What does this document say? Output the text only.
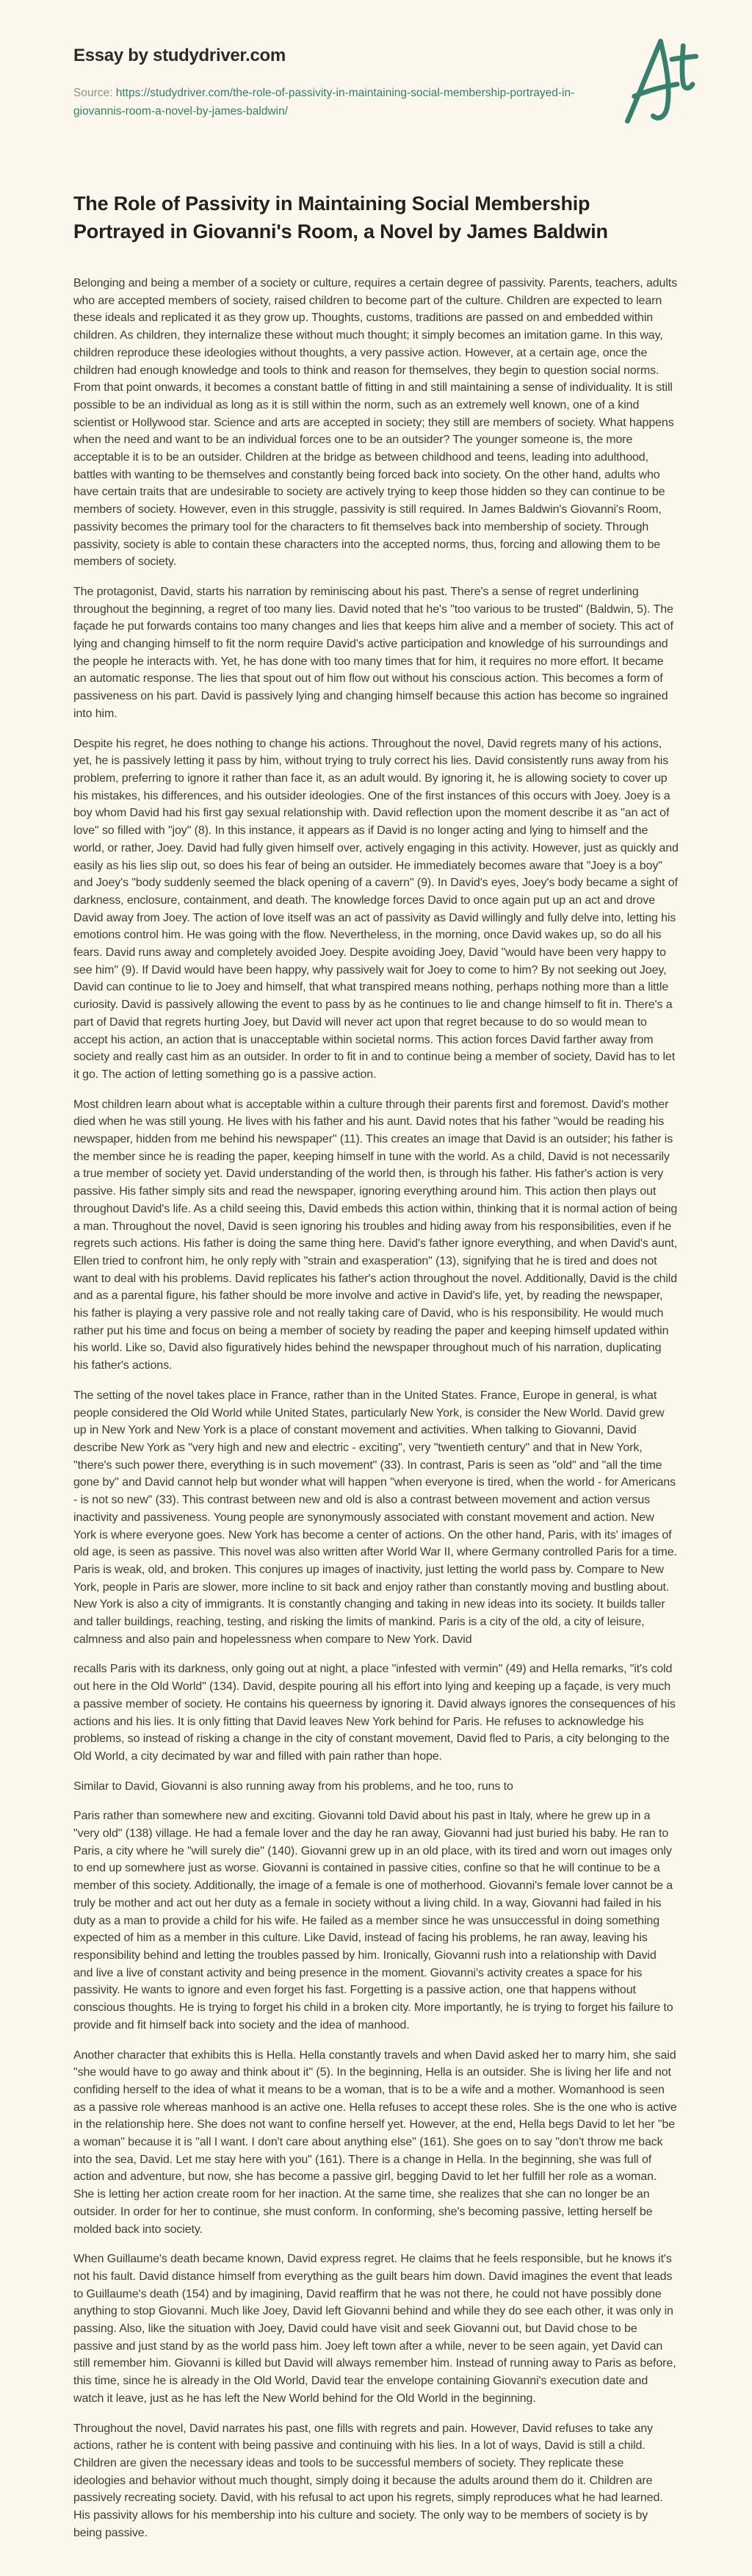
Essay by studydriver.com

Source: https://studydriver.com/the-role-of-passivity-in-maintaining-social-membership-portrayed-in-giovannis-room-a-novel-by-james-baldwin/

The Role of Passivity in Maintaining Social Membership Portrayed in Giovanni's Room, a Novel by James Baldwin

Belonging and being a member of a society or culture, requires a certain degree of passivity. Parents, teachers, adults who are accepted members of society, raised children to become part of the culture. Children are expected to learn these ideals and replicated it as they grow up. Thoughts, customs, traditions are passed on and embedded within children. As children, they internalize these without much thought; it simply becomes an imitation game. In this way, children reproduce these ideologies without thoughts, a very passive action. However, at a certain age, once the children had enough knowledge and tools to think and reason for themselves, they begin to question social norms. From that point onwards, it becomes a constant battle of fitting in and still maintaining a sense of individuality. It is still possible to be an individual as long as it is still within the norm, such as an extremely well known, one of a kind scientist or Hollywood star. Science and arts are accepted in society; they still are members of society. What happens when the need and want to be an individual forces one to be an outsider? The younger someone is, the more acceptable it is to be an outsider. Children at the bridge as between childhood and teens, leading into adulthood, battles with wanting to be themselves and constantly being forced back into society. On the other hand, adults who have certain traits that are undesirable to society are actively trying to keep those hidden so they can continue to be members of society. However, even in this struggle, passivity is still required. In James Baldwin's Giovanni's Room, passivity becomes the primary tool for the characters to fit themselves back into membership of society. Through passivity, society is able to contain these characters into the accepted norms, thus, forcing and allowing them to be members of society.

The protagonist, David, starts his narration by reminiscing about his past. There's a sense of regret underlining throughout the beginning, a regret of too many lies. David noted that he's "too various to be trusted" (Baldwin, 5). The façade he put forwards contains too many changes and lies that keeps him alive and a member of society. This act of lying and changing himself to fit the norm require David's active participation and knowledge of his surroundings and the people he interacts with. Yet, he has done with too many times that for him, it requires no more effort. It became an automatic response. The lies that spout out of him flow out without his conscious action. This becomes a form of passiveness on his part. David is passively lying and changing himself because this action has become so ingrained into him.

Despite his regret, he does nothing to change his actions. Throughout the novel, David regrets many of his actions, yet, he is passively letting it pass by him, without trying to truly correct his lies. David consistently runs away from his problem, preferring to ignore it rather than face it, as an adult would. By ignoring it, he is allowing society to cover up his mistakes, his differences, and his outsider ideologies. One of the first instances of this occurs with Joey. Joey is a boy whom David had his first gay sexual relationship with. David reflection upon the moment describe it as "an act of love" so filled with "joy" (8). In this instance, it appears as if David is no longer acting and lying to himself and the world, or rather, Joey. David had fully given himself over, actively engaging in this activity. However, just as quickly and easily as his lies slip out, so does his fear of being an outsider. He immediately becomes aware that "Joey is a boy" and Joey's "body suddenly seemed the black opening of a cavern" (9). In David's eyes, Joey's body became a sight of darkness, enclosure, containment, and death. The knowledge forces David to once again put up an act and drove David away from Joey. The action of love itself was an act of passivity as David willingly and fully delve into, letting his emotions control him. He was going with the flow. Nevertheless, in the morning, once David wakes up, so do all his fears. David runs away and completely avoided Joey. Despite avoiding Joey, David "would have been very happy to see him" (9). If David would have been happy, why passively wait for Joey to come to him? By not seeking out Joey, David can continue to lie to Joey and himself, that what transpired means nothing, perhaps nothing more than a little curiosity. David is passively allowing the event to pass by as he continues to lie and change himself to fit in. There's a part of David that regrets hurting Joey, but David will never act upon that regret because to do so would mean to accept his action, an action that is unacceptable within societal norms. This action forces David farther away from society and really cast him as an outsider. In order to fit in and to continue being a member of society, David has to let it go. The action of letting something go is a passive action.

Most children learn about what is acceptable within a culture through their parents first and foremost. David's mother died when he was still young. He lives with his father and his aunt. David notes that his father "would be reading his newspaper, hidden from me behind his newspaper" (11). This creates an image that David is an outsider; his father is the member since he is reading the paper, keeping himself in tune with the world. As a child, David is not necessarily a true member of society yet. David understanding of the world then, is through his father. His father's action is very passive. His father simply sits and read the newspaper, ignoring everything around him. This action then plays out throughout David's life. As a child seeing this, David embeds this action within, thinking that it is normal action of being a man. Throughout the novel, David is seen ignoring his troubles and hiding away from his responsibilities, even if he regrets such actions. His father is doing the same thing here. David's father ignore everything, and when David's aunt, Ellen tried to confront him, he only reply with "strain and exasperation" (13), signifying that he is tired and does not want to deal with his problems. David replicates his father's action throughout the novel. Additionally, David is the child and as a parental figure, his father should be more involve and active in David's life, yet, by reading the newspaper, his father is playing a very passive role and not really taking care of David, who is his responsibility. He would much rather put his time and focus on being a member of society by reading the paper and keeping himself updated within his world. Like so, David also figuratively hides behind the newspaper throughout much of his narration, duplicating his father's actions.

The setting of the novel takes place in France, rather than in the United States. France, Europe in general, is what people considered the Old World while United States, particularly New York, is consider the New World. David grew up in New York and New York is a place of constant movement and activities. When talking to Giovanni, David describe New York as "very high and new and electric - exciting", very "twentieth century" and that in New York, "there's such power there, everything is in such movement" (33). In contrast, Paris is seen as "old" and "all the time gone by" and David cannot help but wonder what will happen "when everyone is tired, when the world - for Americans - is not so new" (33). This contrast between new and old is also a contrast between movement and action versus inactivity and passiveness. Young people are synonymously associated with constant movement and action. New York is where everyone goes. New York has become a center of actions. On the other hand, Paris, with its' images of old age, is seen as passive. This novel was also written after World War II, where Germany controlled Paris for a time. Paris is weak, old, and broken. This conjures up images of inactivity, just letting the world pass by. Compare to New York, people in Paris are slower, more incline to sit back and enjoy rather than constantly moving and bustling about. New York is also a city of immigrants. It is constantly changing and taking in new ideas into its society. It builds taller and taller buildings, reaching, testing, and risking the limits of mankind. Paris is a city of the old, a city of leisure, calmness and also pain and hopelessness when compare to New York. David

recalls Paris with its darkness, only going out at night, a place "infested with vermin" (49) and Hella remarks, "it's cold out here in the Old World" (134). David, despite pouring all his effort into lying and keeping up a façade, is very much a passive member of society. He contains his queerness by ignoring it. David always ignores the consequences of his actions and his lies. It is only fitting that David leaves New York behind for Paris. He refuses to acknowledge his problems, so instead of risking a change in the city of constant movement, David fled to Paris, a city belonging to the Old World, a city decimated by war and filled with pain rather than hope.

Similar to David, Giovanni is also running away from his problems, and he too, runs to

Paris rather than somewhere new and exciting. Giovanni told David about his past in Italy, where he grew up in a "very old" (138) village. He had a female lover and the day he ran away, Giovanni had just buried his baby. He ran to Paris, a city where he "will surely die" (140). Giovanni grew up in an old place, with its tired and worn out images only to end up somewhere just as worse. Giovanni is contained in passive cities, confine so that he will continue to be a member of this society. Additionally, the image of a female is one of motherhood. Giovanni's female lover cannot be a truly be mother and act out her duty as a female in society without a living child. In a way, Giovanni had failed in his duty as a man to provide a child for his wife. He failed as a member since he was unsuccessful in doing something expected of him as a member in this culture. Like David, instead of facing his problems, he ran away, leaving his responsibility behind and letting the troubles passed by him. Ironically, Giovanni rush into a relationship with David and live a live of constant activity and being presence in the moment. Giovanni's activity creates a space for his passivity. He wants to ignore and even forget his fast. Forgetting is a passive action, one that happens without conscious thoughts. He is trying to forget his child in a broken city. More importantly, he is trying to forget his failure to provide and fit himself back into society and the idea of manhood.

Another character that exhibits this is Hella. Hella constantly travels and when David asked her to marry him, she said "she would have to go away and think about it" (5). In the beginning, Hella is an outsider. She is living her life and not confiding herself to the idea of what it means to be a woman, that is to be a wife and a mother. Womanhood is seen as a passive role whereas manhood is an active one. Hella refuses to accept these roles. She is the one who is active in the relationship here. She does not want to confine herself yet. However, at the end, Hella begs David to let her "be a woman" because it is "all I want. I don't care about anything else" (161). She goes on to say "don't throw me back into the sea, David. Let me stay here with you" (161). There is a change in Hella. In the beginning, she was full of action and adventure, but now, she has become a passive girl, begging David to let her fulfill her role as a woman. She is letting her action create room for her inaction. At the same time, she realizes that she can no longer be an outsider. In order for her to continue, she must conform. In conforming, she's becoming passive, letting herself be molded back into society.

When Guillaume's death became known, David express regret. He claims that he feels responsible, but he knows it's not his fault. David distance himself from everything as the guilt bears him down. David imagines the event that leads to Guillaume's death (154) and by imagining, David reaffirm that he was not there, he could not have possibly done anything to stop Giovanni. Much like Joey, David left Giovanni behind and while they do see each other, it was only in passing. Also, like the situation with Joey, David could have visit and seek Giovanni out, but David chose to be passive and just stand by as the world pass him. Joey left town after a while, never to be seen again, yet David can still remember him. Giovanni is killed but David will always remember him. Instead of running away to Paris as before, this time, since he is already in the Old World, David tear the envelope containing Giovanni's execution date and watch it leave, just as he has left the New World behind for the Old World in the beginning.

Throughout the novel, David narrates his past, one fills with regrets and pain. However, David refuses to take any actions, rather he is content with being passive and continuing with his lies. In a lot of ways, David is still a child. Children are given the necessary ideas and tools to be successful members of society. They replicate these ideologies and behavior without much thought, simply doing it because the adults around them do it. Children are passively recreating society. David, with his refusal to act upon his regrets, simply reproduces what he had learned. His passivity allows for his membership into his culture and society. The only way to be members of society is by being passive.
